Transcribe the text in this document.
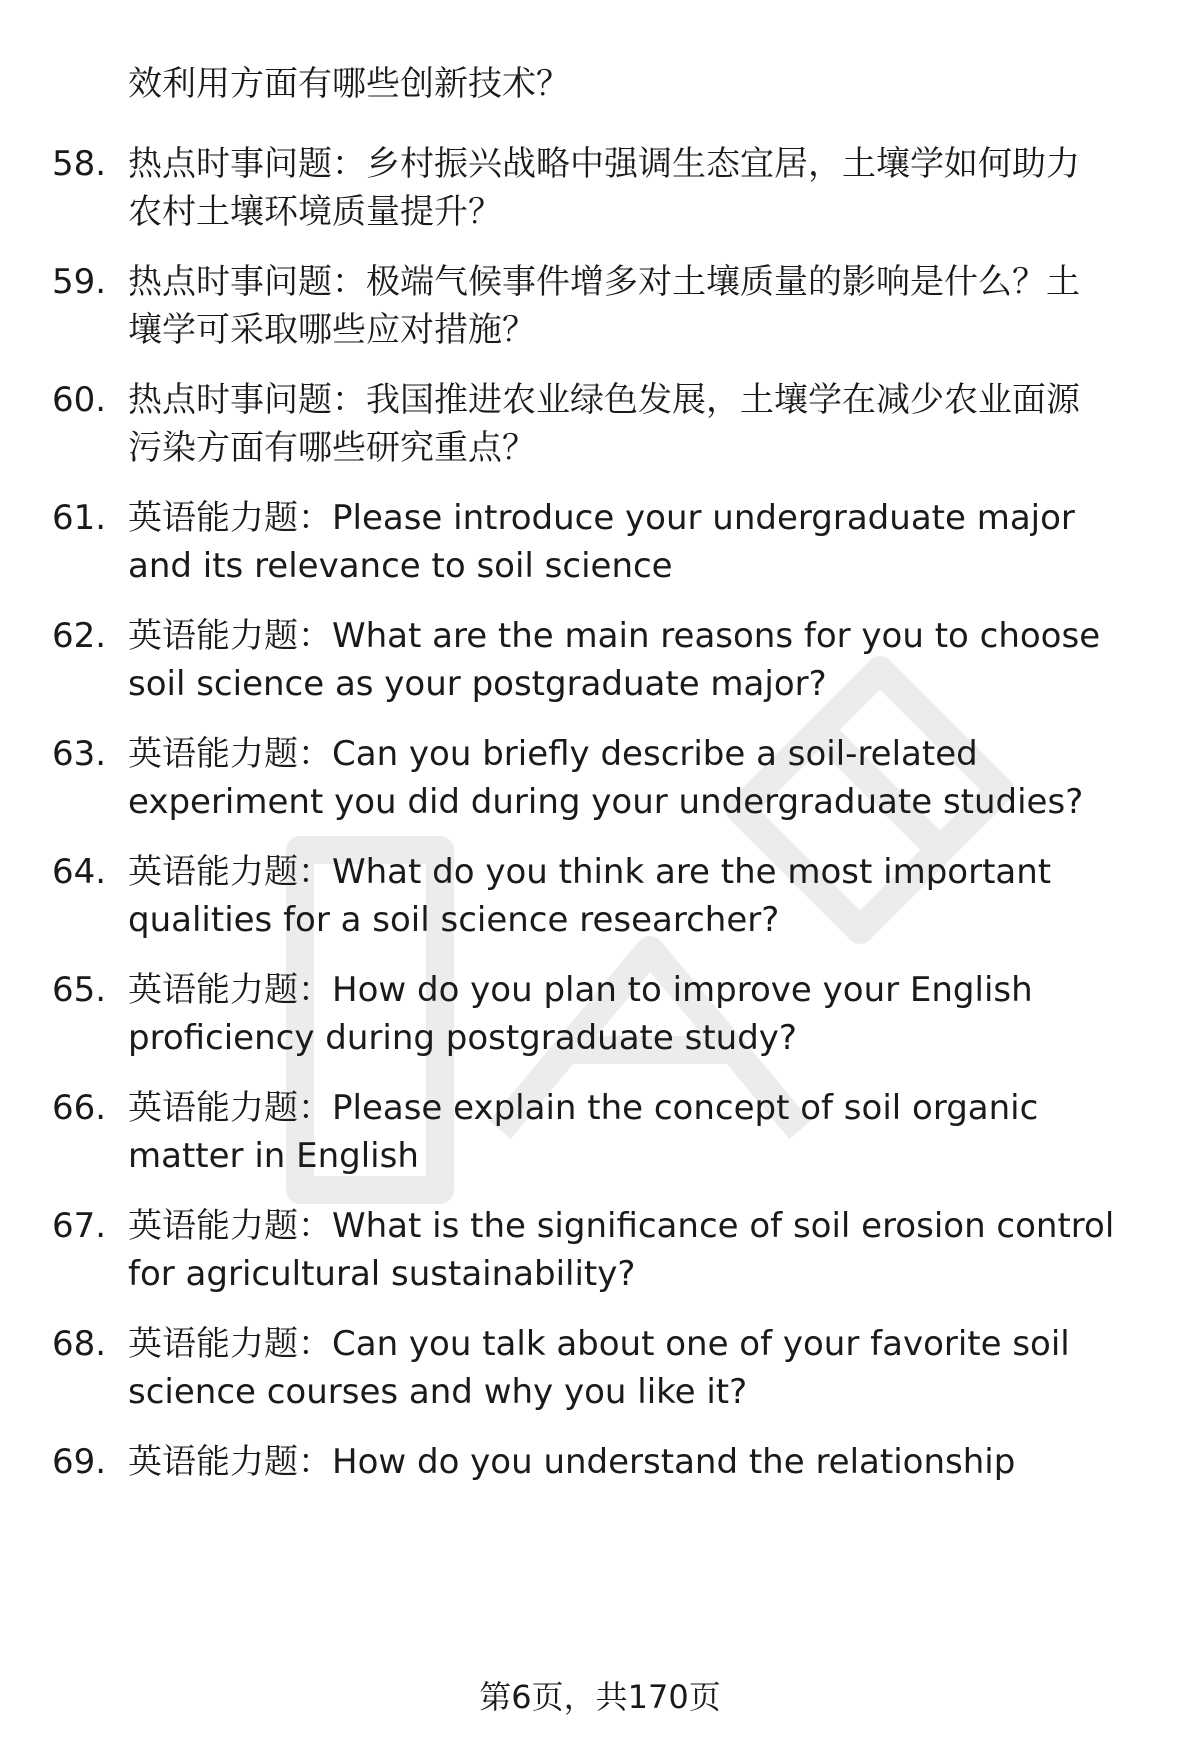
效利用方面有哪些创新技术？
58. 热点时事问题：乡村振兴战略中强调生态宜居，土壤学如何助力
农村土壤环境质量提升？
59. 热点时事问题：极端气候事件增多对土壤质量的影响是什么？土
壤学可采取哪些应对措施？
60. 热点时事问题：我国推进农业绿色发展，土壤学在减少农业面源
污染方面有哪些研究重点？
61. 英语能力题：Please introduce your undergraduate major
and its relevance to soil science
62. 英语能力题：What are the main reasons for you to choose
soil science as your postgraduate major?
63. 英语能力题：Can you briefly describe a soil-related
experiment you did during your undergraduate studies?
64. 英语能力题：What do you think are the most important
qualities for a soil science researcher?
65. 英语能力题：How do you plan to improve your English
proficiency during postgraduate study?
66. 英语能力题：Please explain the concept of soil organic
matter in English
67. 英语能力题：What is the significance of soil erosion control
for agricultural sustainability?
68. 英语能力题：Can you talk about one of your favorite soil
science courses and why you like it?
69. 英语能力题：How do you understand the relationship
第6页，共170页
